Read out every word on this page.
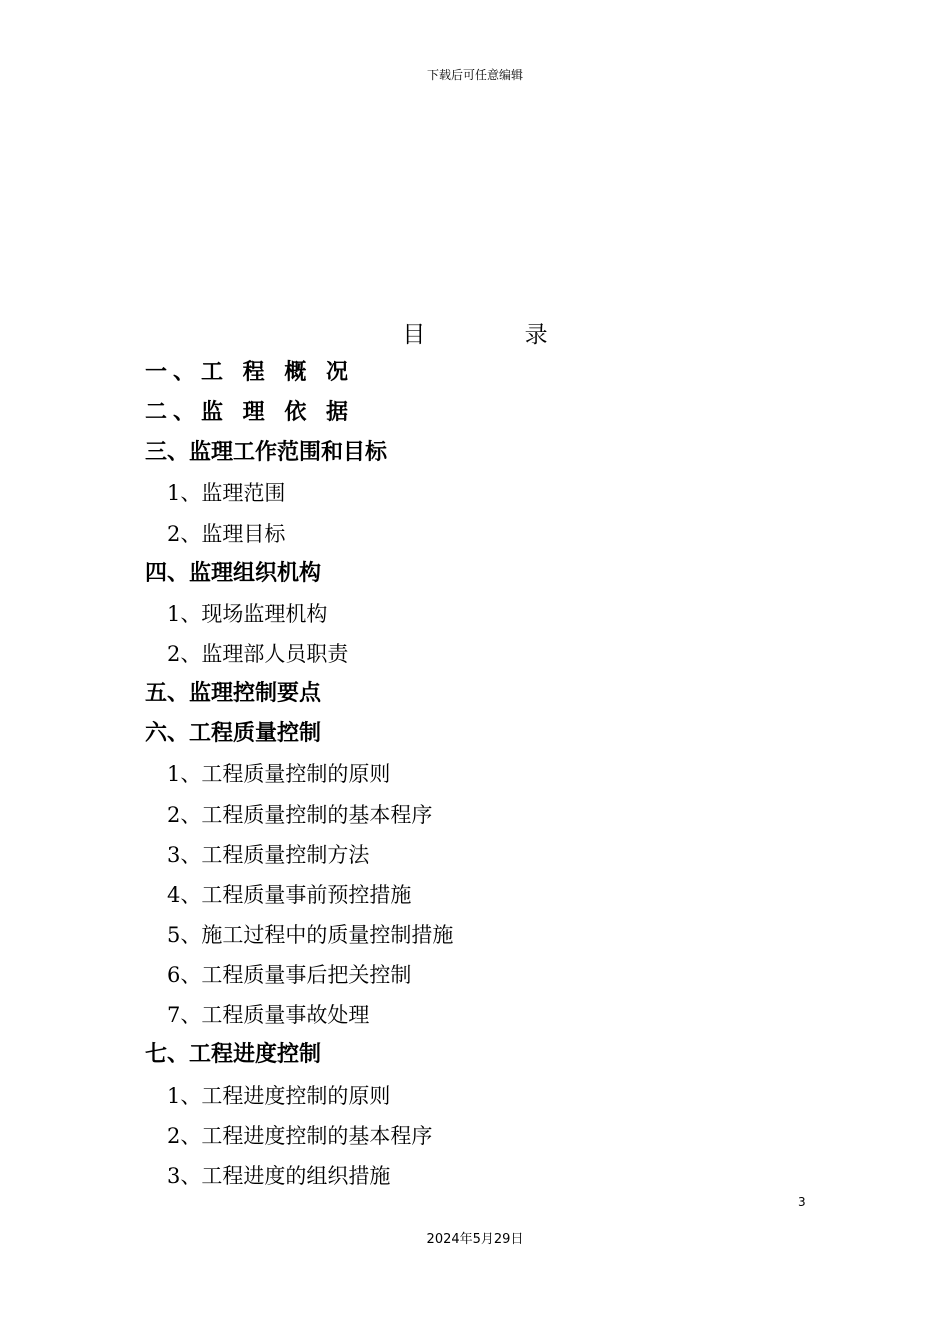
下载后可任意编辑
目 录
一、工 程 概 况
二、监 理 依 据
三、监理工作范围和目标
1、监理范围
2、监理目标
四、监理组织机构
1、现场监理机构
2、监理部人员职责
五、监理控制要点
六、工程质量控制
1、工程质量控制的原则
2、工程质量控制的基本程序
3、工程质量控制方法
4、工程质量事前预控措施
5、施工过程中的质量控制措施
6、工程质量事后把关控制
7、工程质量事故处理
七、工程进度控制
1、工程进度控制的原则
2、工程进度控制的基本程序
3、工程进度的组织措施
3
2024年5月29日
